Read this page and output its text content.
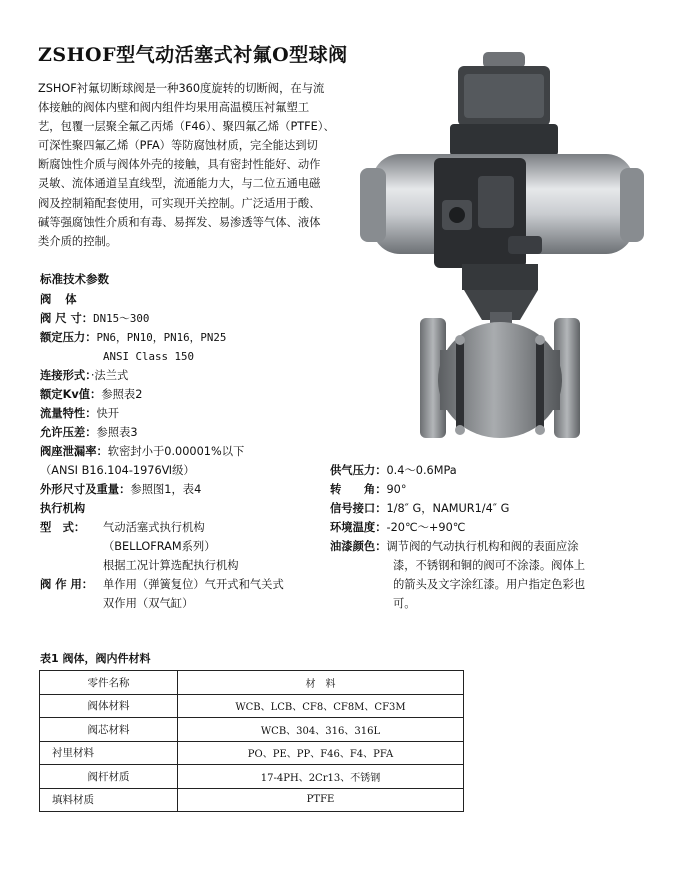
ZSHOF型气动活塞式衬氟O型球阀
ZSHOF衬氟切断球阀是一种360度旋转的切断阀，在与流
体接触的阀体内壁和阀内组件均果用高温模压衬氟塑工
艺，包覆一层聚全氟乙丙烯（F46）、聚四氟乙烯（PTFE）、
可深性聚四氟乙烯（PFA）等防腐蚀材质，完全能达到切
断腐蚀性介质与阀体外壳的接触，具有密封性能好、动作
灵敏、流体通道呈直线型，流通能力大，与二位五通电磁
阀及控制箱配套使用，可实现开关控制。广泛适用于酸、
碱等强腐蚀性介质和有毒、易挥发、易渗透等气体、液体
类介质的控制。
标准技术参数
阀体
阀 尺 寸：DN15～300
额定压力：PN6，PN10，PN16，PN25
ANSI Class 150
连接形式：·法兰式
额定Kv值：参照表2
流量特性：快开
允许压差：参照表3
阀座泄漏率：软密封小于0.00001%以下
（ANSI B16.104-1976Ⅵ级）
外形尺寸及重量：参照图1，表4
执行机构
型　式： 气动活塞式执行机构
（BELLOFRAM系列）
根据工况计算选配执行机构
阀 作 用： 单作用（弹簧复位）气开式和气关式
双作用（双气缸）
供气压力：0.4～0.6MPa
转　　角：90°
信号接口：1/8″ G，NAMUR1/4″ G
环境温度：-20℃～+90℃
油漆颜色：调节阀的气动执行机构和阀的表面应涂
漆，不锈钢和铜的阀可不涂漆。阀体上
的箭头及文字涂红漆。用户指定色彩也
可。
表1 阀体，阀内件材料
零件名称	材　料
阀体材料	WCB、LCB、CF8、CF8M、CF3M
阀芯材料	WCB、304、316、316L
衬里材料	PO、PE、PP、F46、F4、PFA
阀杆材质	17-4PH、2Cr13、不锈钢
填料材质	PTFE
